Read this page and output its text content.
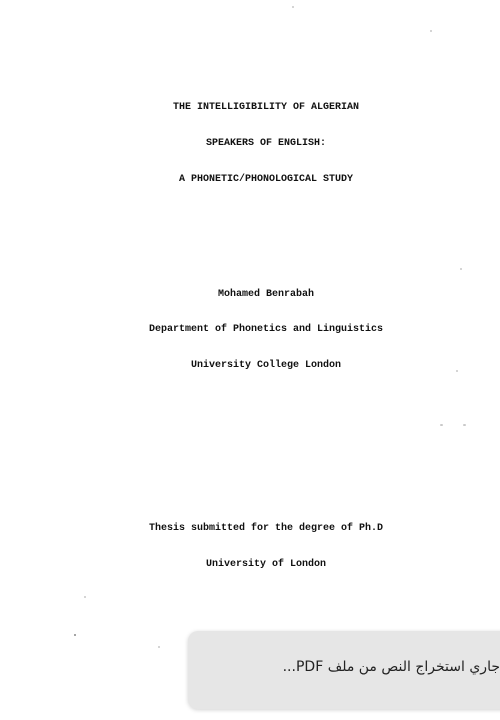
THE INTELLIGIBILITY OF ALGERIAN
SPEAKERS OF ENGLISH:
A PHONETIC/PHONOLOGICAL STUDY
Mohamed Benrabah
Department of Phonetics and Linguistics
University College London
Thesis submitted for the degree of Ph.D
University of London
جاري استخراج النص من ملف PDF...
